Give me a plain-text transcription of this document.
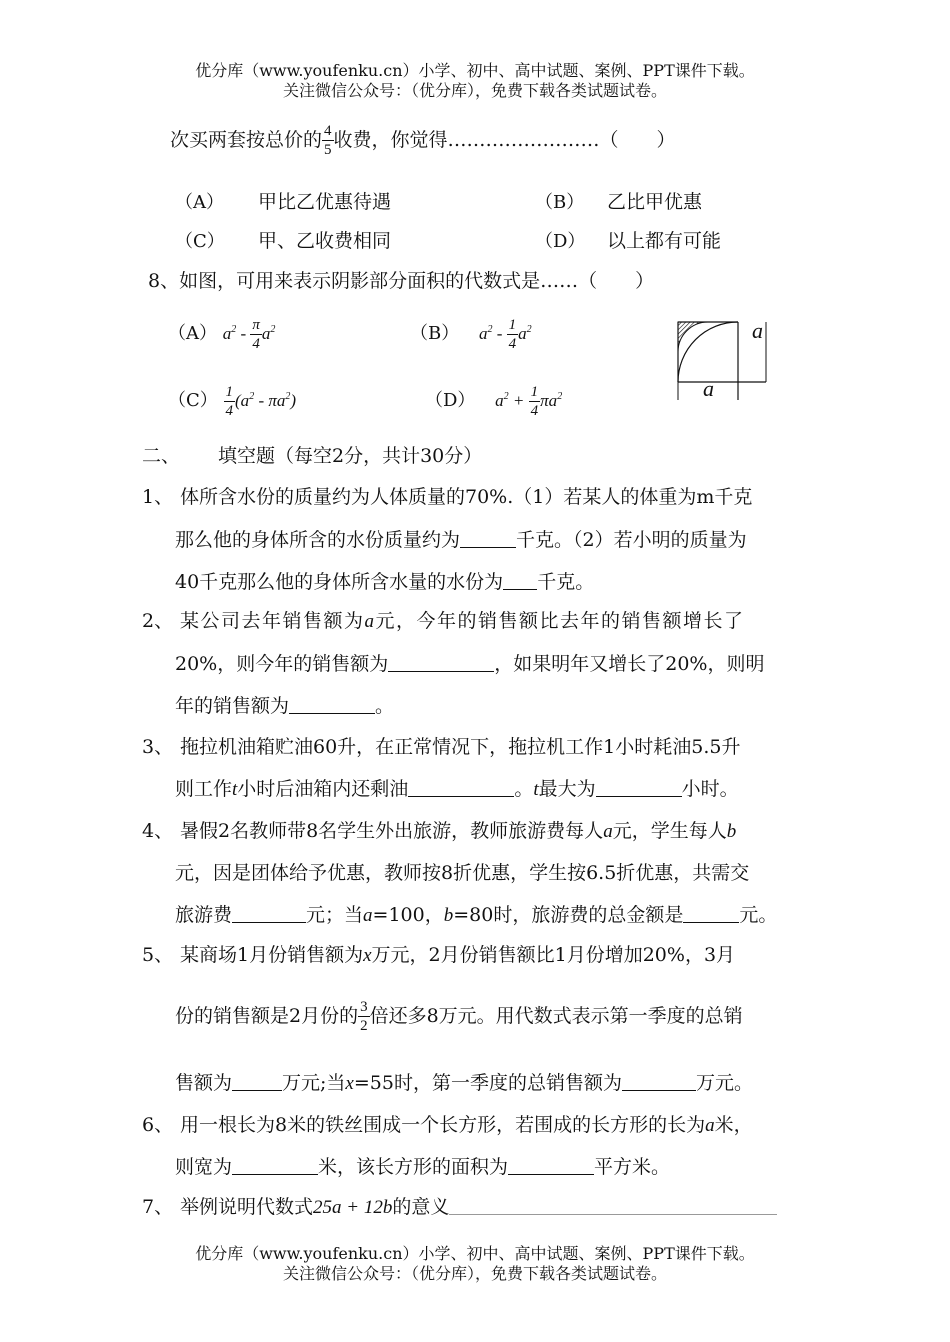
优分库（www.youfenku.cn）小学、初中、高中试题、案例、PPT课件下载。
关注微信公众号：（优分库），免费下载各类试题试卷。
次买两套按总价的 $\frac{4}{5}$ 收费，你觉得……………………（　　）
（A） 甲比乙优惠待遇	（B） 乙比甲优惠
（C） 甲、乙收费相同	（D） 以上都有可能
8、如图，可用来表示阴影部分面积的代数式是……（　　）
（A） $a^2 - \frac{\pi}{4} a^2$	（B） $a^2 - \frac{1}{4} a^2$
$(C) \frac{1}{4} (a^2 - \pi a^2)$	（D） $a^2 + \frac{1}{4} \pi a^2$
a
a
二、 填空题（每空2分，共计30分）
1、 体所含水份的质量约为人体质量的70%.（1）若某人的体重为m千克
那么他的身体所含的水份质量约为	千克。（2）若小明的质量为
40千克那么他的身体所含水量的水份为 千克。
2、 某公司去年销售额为a元，今年的销售额比去年的销售额增长了
20%，则今年的销售额为	，如果明年又增长了20%，则明
年的销售额为	。
3、 拖拉机油箱贮油60升，在正常情况下，拖拉机工作1小时耗油5.5升
则工作t小时后油箱内还剩油	。t最大为	小时。
4、 暑假2名教师带8名学生外出旅游，教师旅游费每人a元，学生每人b
元，因是团体给予优惠，教师按8折优惠，学生按6.5折优惠，共需交
旅游费	元；当a=100，b=80时，旅游费的总金额是	元。
5、 某商场1月份销售额为x万元，2月份销售额比1月份增加20%，3月
份的销售额是2月份的 $\frac{3}{2}$ 倍还多8万元。用代数式表示第一季度的总销
售额为	万元;当x=55时，第一季度的总销售额为	万元。
6、 用一根长为8米的铁丝围成一个长方形，若围成的长方形的长为a米，
则宽为	米，该长方形的面积为	平方米。
7、 举例说明代数式25a + 12b的意义
优分库（www.youfenku.cn）小学、初中、高中试题、案例、PPT课件下载。
关注微信公众号：（优分库），免费下载各类试题试卷。
